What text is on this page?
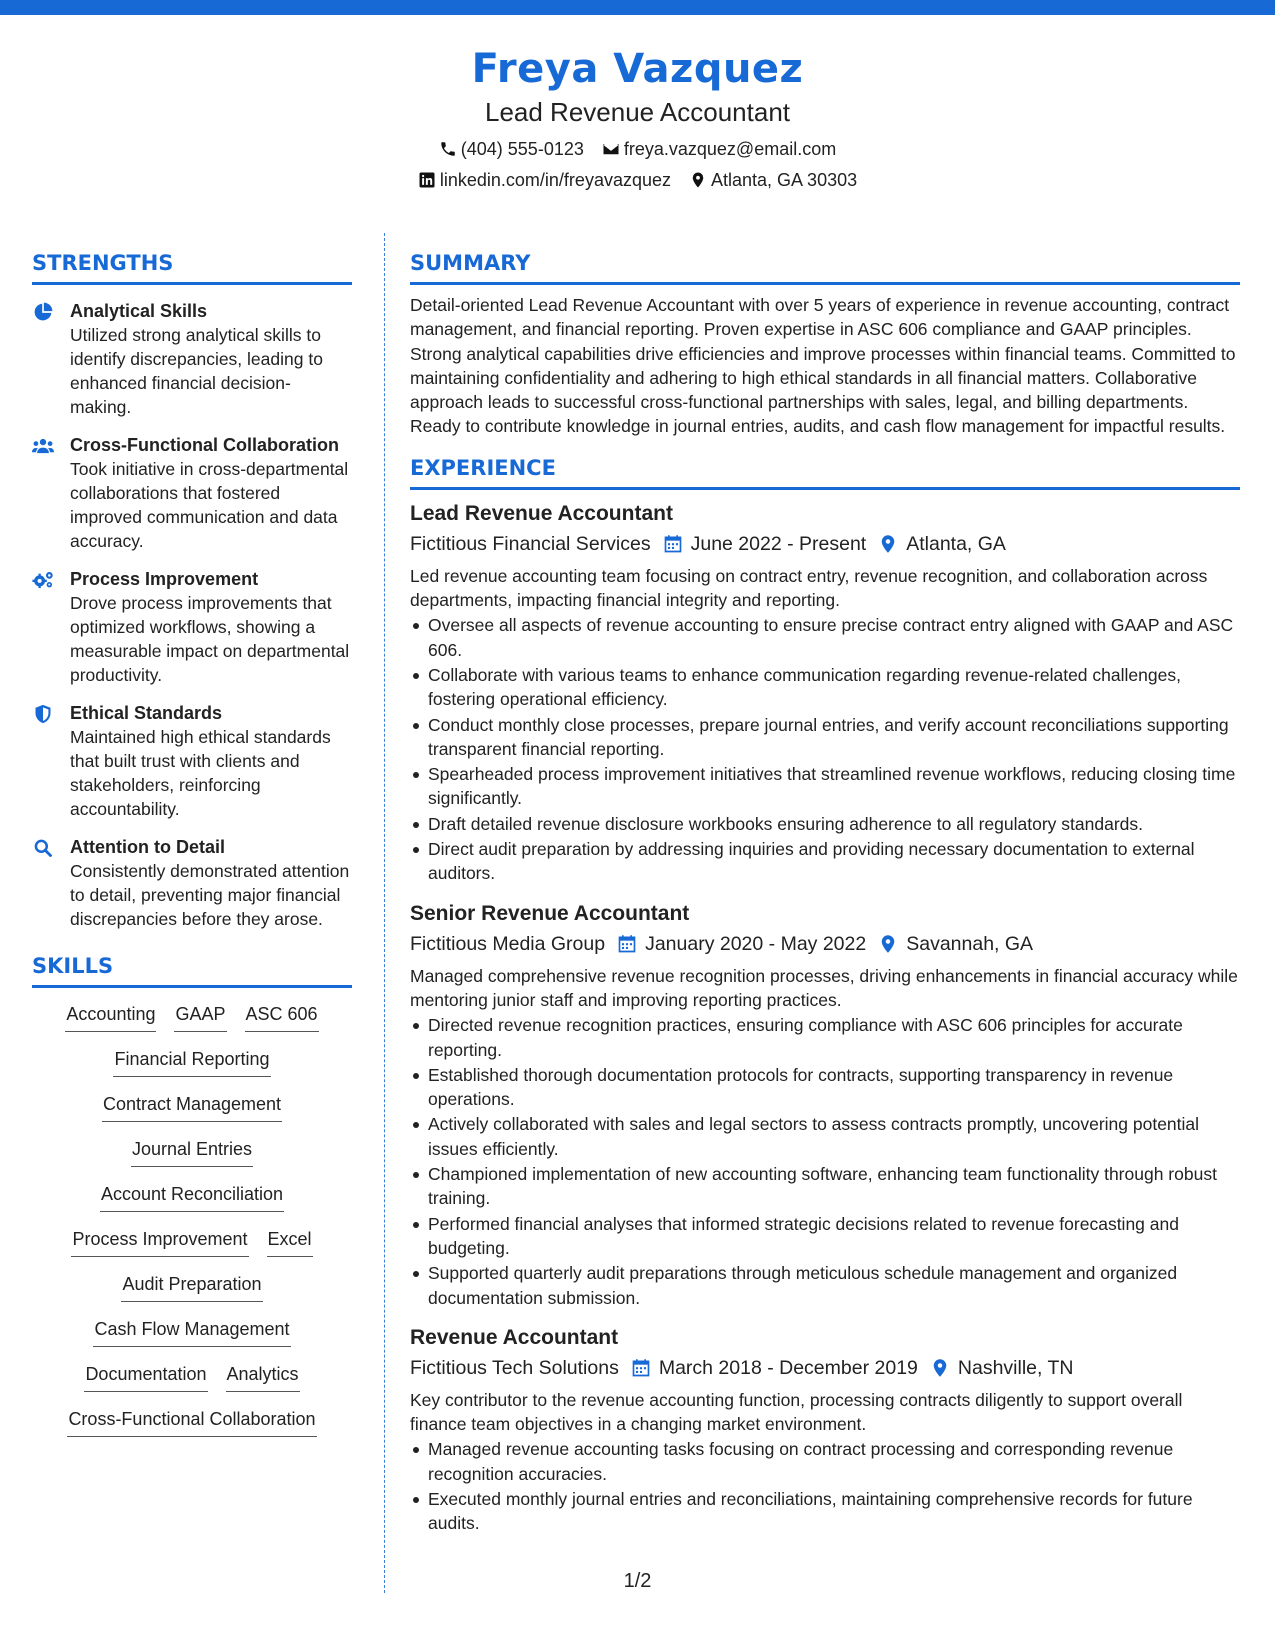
Freya Vazquez
Lead Revenue Accountant
(404) 555-0123 freya.vazquez@email.com
linkedin.com/in/freyavazquez Atlanta, GA 30303
STRENGTHS
Analytical Skills
Utilized strong analytical skills to identify discrepancies, leading to enhanced financial decision-making.
Cross-Functional Collaboration
Took initiative in cross-departmental collaborations that fostered improved communication and data accuracy.
Process Improvement
Drove process improvements that optimized workflows, showing a measurable impact on departmental productivity.
Ethical Standards
Maintained high ethical standards that built trust with clients and stakeholders, reinforcing accountability.
Attention to Detail
Consistently demonstrated attention to detail, preventing major financial discrepancies before they arose.
SKILLS
Accounting GAAP ASC 606
Financial Reporting
Contract Management
Journal Entries
Account Reconciliation
Process Improvement Excel
Audit Preparation
Cash Flow Management
Documentation Analytics
Cross-Functional Collaboration
SUMMARY
Detail-oriented Lead Revenue Accountant with over 5 years of experience in revenue accounting, contract management, and financial reporting. Proven expertise in ASC 606 compliance and GAAP principles. Strong analytical capabilities drive efficiencies and improve processes within financial teams. Committed to maintaining confidentiality and adhering to high ethical standards in all financial matters. Collaborative approach leads to successful cross-functional partnerships with sales, legal, and billing departments. Ready to contribute knowledge in journal entries, audits, and cash flow management for impactful results.
EXPERIENCE
Lead Revenue Accountant
Fictitious Financial Services June 2022 - Present Atlanta, GA
Led revenue accounting team focusing on contract entry, revenue recognition, and collaboration across departments, impacting financial integrity and reporting.
Oversee all aspects of revenue accounting to ensure precise contract entry aligned with GAAP and ASC 606.
Collaborate with various teams to enhance communication regarding revenue-related challenges, fostering operational efficiency.
Conduct monthly close processes, prepare journal entries, and verify account reconciliations supporting transparent financial reporting.
Spearheaded process improvement initiatives that streamlined revenue workflows, reducing closing time significantly.
Draft detailed revenue disclosure workbooks ensuring adherence to all regulatory standards.
Direct audit preparation by addressing inquiries and providing necessary documentation to external auditors.
Senior Revenue Accountant
Fictitious Media Group January 2020 - May 2022 Savannah, GA
Managed comprehensive revenue recognition processes, driving enhancements in financial accuracy while mentoring junior staff and improving reporting practices.
Directed revenue recognition practices, ensuring compliance with ASC 606 principles for accurate reporting.
Established thorough documentation protocols for contracts, supporting transparency in revenue operations.
Actively collaborated with sales and legal sectors to assess contracts promptly, uncovering potential issues efficiently.
Championed implementation of new accounting software, enhancing team functionality through robust training.
Performed financial analyses that informed strategic decisions related to revenue forecasting and budgeting.
Supported quarterly audit preparations through meticulous schedule management and organized documentation submission.
Revenue Accountant
Fictitious Tech Solutions March 2018 - December 2019 Nashville, TN
Key contributor to the revenue accounting function, processing contracts diligently to support overall finance team objectives in a changing market environment.
Managed revenue accounting tasks focusing on contract processing and corresponding revenue recognition accuracies.
Executed monthly journal entries and reconciliations, maintaining comprehensive records for future audits.
1/2
